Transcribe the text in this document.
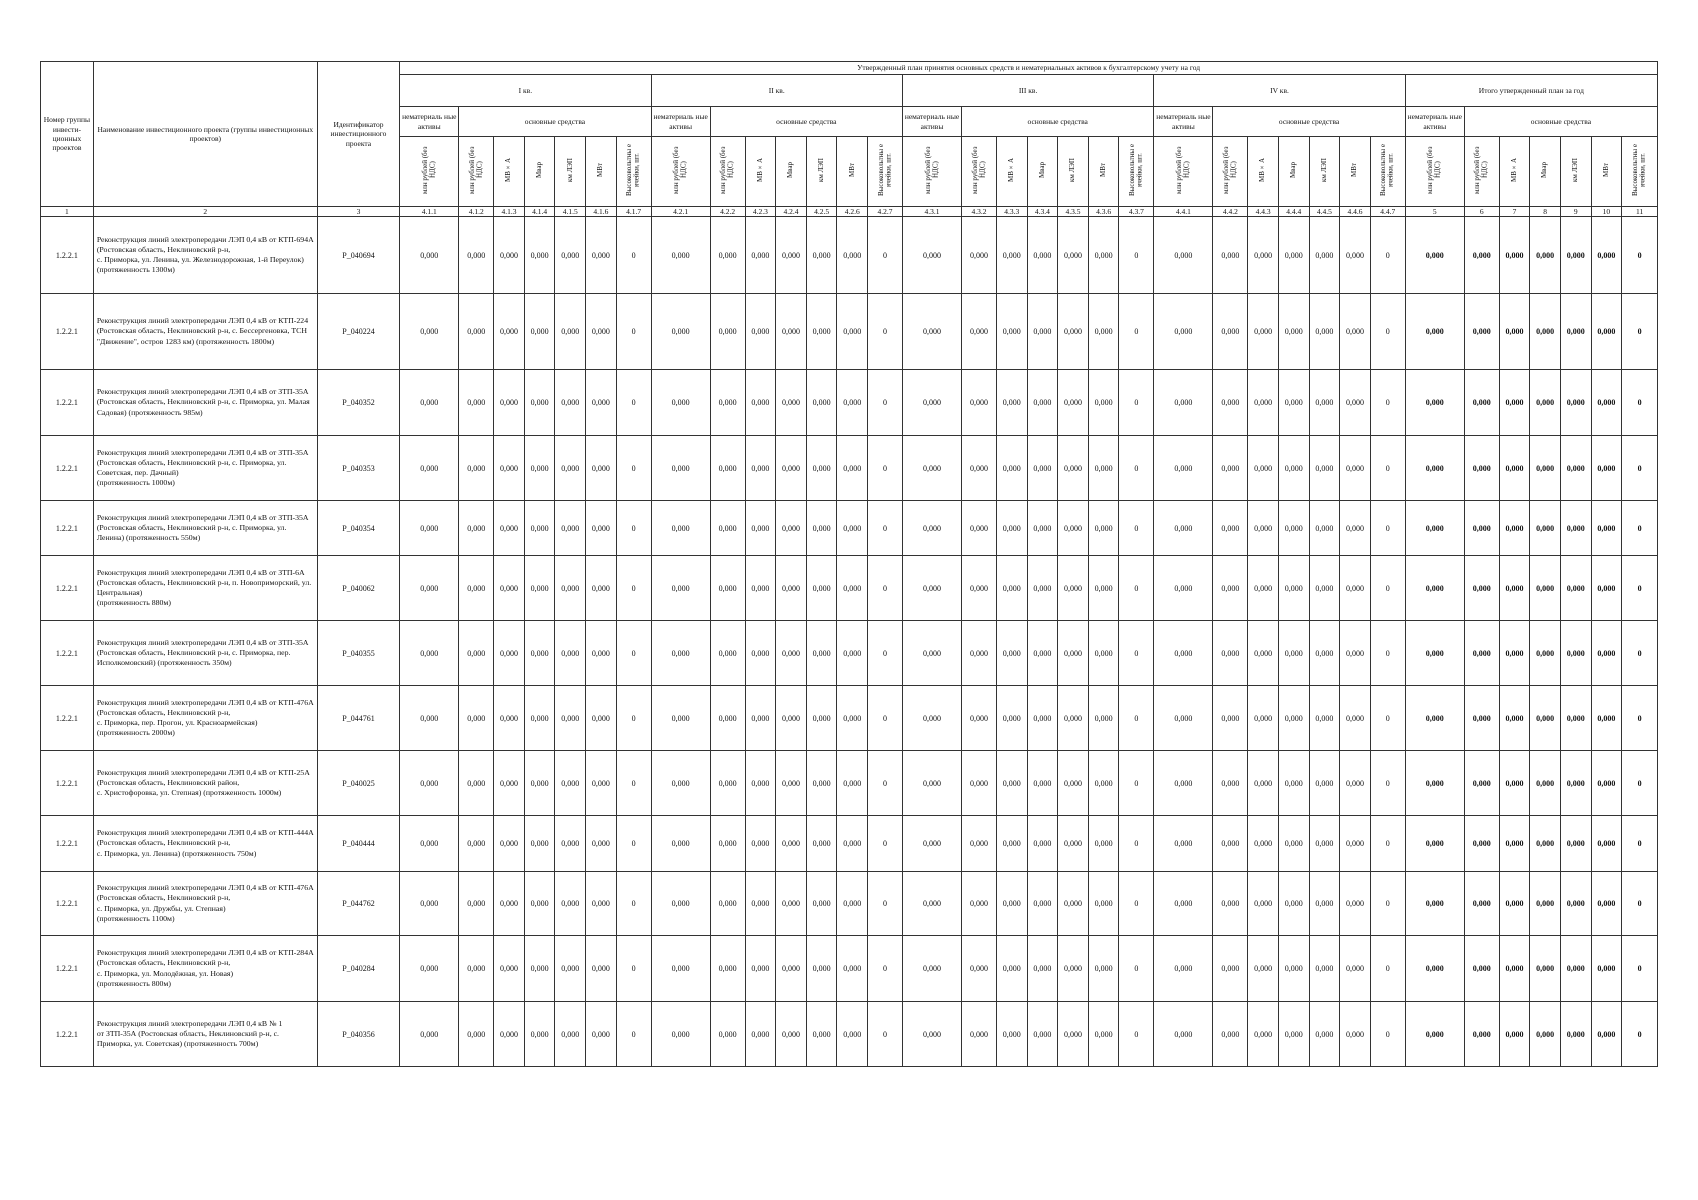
Номер группы инвести-ционных проектов	Наименование инвестиционного проекта (группы инвестиционных проектов)	Идентификатор инвестиционного проекта	Утвержденный план принятия основных средств и нематериальных активов к бухгалтерскому учету на год																																		
			I кв.							II кв.							III кв.							IV кв.							Итого утвержденный план за год						
			нематериаль ные активы	основные средства						нематериаль ные активы	основные средства						нематериаль ные активы	основные средства						нематериаль ные активы	основные средства						нематериаль ные активы	основные средства					
			млн рублей (без НДС)	млн рублей (без НДС)	МВ×А	Мвар	км ЛЭП	МВт	Высоковольтны е ячейки, шт.	млн рублей (без НДС)	млн рублей (без НДС)	МВ×А	Мвар	км ЛЭП	МВт	Высоковольтны е ячейки, шт.	млн рублей (без НДС)	млн рублей (без НДС)	МВ×А	Мвар	км ЛЭП	МВт	Высоковольтны е ячейки, шт.	млн рублей (без НДС)	млн рублей (без НДС)	МВ×А	Мвар	км ЛЭП	МВт	Высоковольтны е ячейки, шт.	млн рублей (без НДС)	млн рублей (без НДС)	МВ×А	Мвар	км ЛЭП	МВт	Высоковольтны е ячейки, шт.
1	2	3	4.1.1	4.1.2	4.1.3	4.1.4	4.1.5	4.1.6	4.1.7	4.2.1	4.2.2	4.2.3	4.2.4	4.2.5	4.2.6	4.2.7	4.3.1	4.3.2	4.3.3	4.3.4	4.3.5	4.3.6	4.3.7	4.4.1	4.4.2	4.4.3	4.4.4	4.4.5	4.4.6	4.4.7	5	6	7	8	9	10	11
1.2.2.1	Реконструкция линий электропередачи ЛЭП 0,4 кВ от КТП-694А (Ростовская область, Неклиновский р-н,
с. Приморка, ул. Ленина, ул. Железнодорожная, 1-й Переулок)
(протяженность 1300м)	P_040694	0,000	0,000	0,000	0,000	0,000	0,000	0	0,000	0,000	0,000	0,000	0,000	0,000	0	0,000	0,000	0,000	0,000	0,000	0,000	0	0,000	0,000	0,000	0,000	0,000	0,000	0	0,000	0,000	0,000	0,000	0,000	0,000	0
1.2.2.1	Реконструкция линий электропередачи ЛЭП 0,4 кВ от КТП-224 (Ростовская область, Неклиновский р-н, с. Бессергеновка, ТСН "Движение", остров 1283 км) (протяженность 1800м)	P_040224	0,000	0,000	0,000	0,000	0,000	0,000	0	0,000	0,000	0,000	0,000	0,000	0,000	0	0,000	0,000	0,000	0,000	0,000	0,000	0	0,000	0,000	0,000	0,000	0,000	0,000	0	0,000	0,000	0,000	0,000	0,000	0,000	0
1.2.2.1	Реконструкция линий электропередачи ЛЭП 0,4 кВ от ЗТП-35А (Ростовская область, Неклиновский р-н, с. Приморка, ул. Малая Садовая) (протяженность 985м)	P_040352	0,000	0,000	0,000	0,000	0,000	0,000	0	0,000	0,000	0,000	0,000	0,000	0,000	0	0,000	0,000	0,000	0,000	0,000	0,000	0	0,000	0,000	0,000	0,000	0,000	0,000	0	0,000	0,000	0,000	0,000	0,000	0,000	0
1.2.2.1	Реконструкция линий электропередачи ЛЭП 0,4 кВ от ЗТП-35А (Ростовская область, Неклиновский р-н, с. Приморка, ул. Советская, пер. Дачный)
(протяженность 1000м)	P_040353	0,000	0,000	0,000	0,000	0,000	0,000	0	0,000	0,000	0,000	0,000	0,000	0,000	0	0,000	0,000	0,000	0,000	0,000	0,000	0	0,000	0,000	0,000	0,000	0,000	0,000	0	0,000	0,000	0,000	0,000	0,000	0,000	0
1.2.2.1	Реконструкция линий электропередачи ЛЭП 0,4 кВ от ЗТП-35А (Ростовская область, Неклиновский р-н, с. Приморка, ул. Ленина) (протяженность 550м)	P_040354	0,000	0,000	0,000	0,000	0,000	0,000	0	0,000	0,000	0,000	0,000	0,000	0,000	0	0,000	0,000	0,000	0,000	0,000	0,000	0	0,000	0,000	0,000	0,000	0,000	0,000	0	0,000	0,000	0,000	0,000	0,000	0,000	0
1.2.2.1	Реконструкция линий электропередачи ЛЭП 0,4 кВ от ЗТП-6А (Ростовская область, Неклиновский р-н, п. Новоприморский, ул. Центральная)
(протяженность 880м)	P_040062	0,000	0,000	0,000	0,000	0,000	0,000	0	0,000	0,000	0,000	0,000	0,000	0,000	0	0,000	0,000	0,000	0,000	0,000	0,000	0	0,000	0,000	0,000	0,000	0,000	0,000	0	0,000	0,000	0,000	0,000	0,000	0,000	0
1.2.2.1	Реконструкция линий электропередачи ЛЭП 0,4 кВ от ЗТП-35А (Ростовская область, Неклиновский р-н, с. Приморка, пер. Исполкомовский) (протяженность 350м)	P_040355	0,000	0,000	0,000	0,000	0,000	0,000	0	0,000	0,000	0,000	0,000	0,000	0,000	0	0,000	0,000	0,000	0,000	0,000	0,000	0	0,000	0,000	0,000	0,000	0,000	0,000	0	0,000	0,000	0,000	0,000	0,000	0,000	0
1.2.2.1	Реконструкция линий электропередачи ЛЭП 0,4 кВ от КТП-476А (Ростовская область, Неклиновский р-н,
с. Приморка, пер. Прогон, ул. Красноармейская)
(протяженность 2000м)	P_044761	0,000	0,000	0,000	0,000	0,000	0,000	0	0,000	0,000	0,000	0,000	0,000	0,000	0	0,000	0,000	0,000	0,000	0,000	0,000	0	0,000	0,000	0,000	0,000	0,000	0,000	0	0,000	0,000	0,000	0,000	0,000	0,000	0
1.2.2.1	Реконструкция линий электропередачи ЛЭП 0,4 кВ от КТП-25А (Ростовская область, Неклиновский район,
с. Христофоровка, ул. Степная) (протяженность 1000м)	P_040025	0,000	0,000	0,000	0,000	0,000	0,000	0	0,000	0,000	0,000	0,000	0,000	0,000	0	0,000	0,000	0,000	0,000	0,000	0,000	0	0,000	0,000	0,000	0,000	0,000	0,000	0	0,000	0,000	0,000	0,000	0,000	0,000	0
1.2.2.1	Реконструкция линий электропередачи ЛЭП 0,4 кВ от КТП-444А (Ростовская область, Неклиновский р-н,
с. Приморка, ул. Ленина) (протяженность 750м)	P_040444	0,000	0,000	0,000	0,000	0,000	0,000	0	0,000	0,000	0,000	0,000	0,000	0,000	0	0,000	0,000	0,000	0,000	0,000	0,000	0	0,000	0,000	0,000	0,000	0,000	0,000	0	0,000	0,000	0,000	0,000	0,000	0,000	0
1.2.2.1	Реконструкция линий электропередачи ЛЭП 0,4 кВ от КТП-476А (Ростовская область, Неклиновский р-н,
с. Приморка, ул. Дружбы, ул. Степная)
(протяженность 1100м)	P_044762	0,000	0,000	0,000	0,000	0,000	0,000	0	0,000	0,000	0,000	0,000	0,000	0,000	0	0,000	0,000	0,000	0,000	0,000	0,000	0	0,000	0,000	0,000	0,000	0,000	0,000	0	0,000	0,000	0,000	0,000	0,000	0,000	0
1.2.2.1	Реконструкция линий электропередачи ЛЭП 0,4 кВ от КТП-284А (Ростовская область, Неклиновский р-н,
с. Приморка, ул. Молодёжная, ул. Новая)
(протяженность 800м)	P_040284	0,000	0,000	0,000	0,000	0,000	0,000	0	0,000	0,000	0,000	0,000	0,000	0,000	0	0,000	0,000	0,000	0,000	0,000	0,000	0	0,000	0,000	0,000	0,000	0,000	0,000	0	0,000	0,000	0,000	0,000	0,000	0,000	0
1.2.2.1	Реконструкция линий электропередачи ЛЭП 0,4 кВ № 1
от ЗТП-35А (Ростовская область, Неклиновский р-н, с. Приморка, ул. Советская) (протяженность 700м)	P_040356	0,000	0,000	0,000	0,000	0,000	0,000	0	0,000	0,000	0,000	0,000	0,000	0,000	0	0,000	0,000	0,000	0,000	0,000	0,000	0	0,000	0,000	0,000	0,000	0,000	0,000	0	0,000	0,000	0,000	0,000	0,000	0,000	0
